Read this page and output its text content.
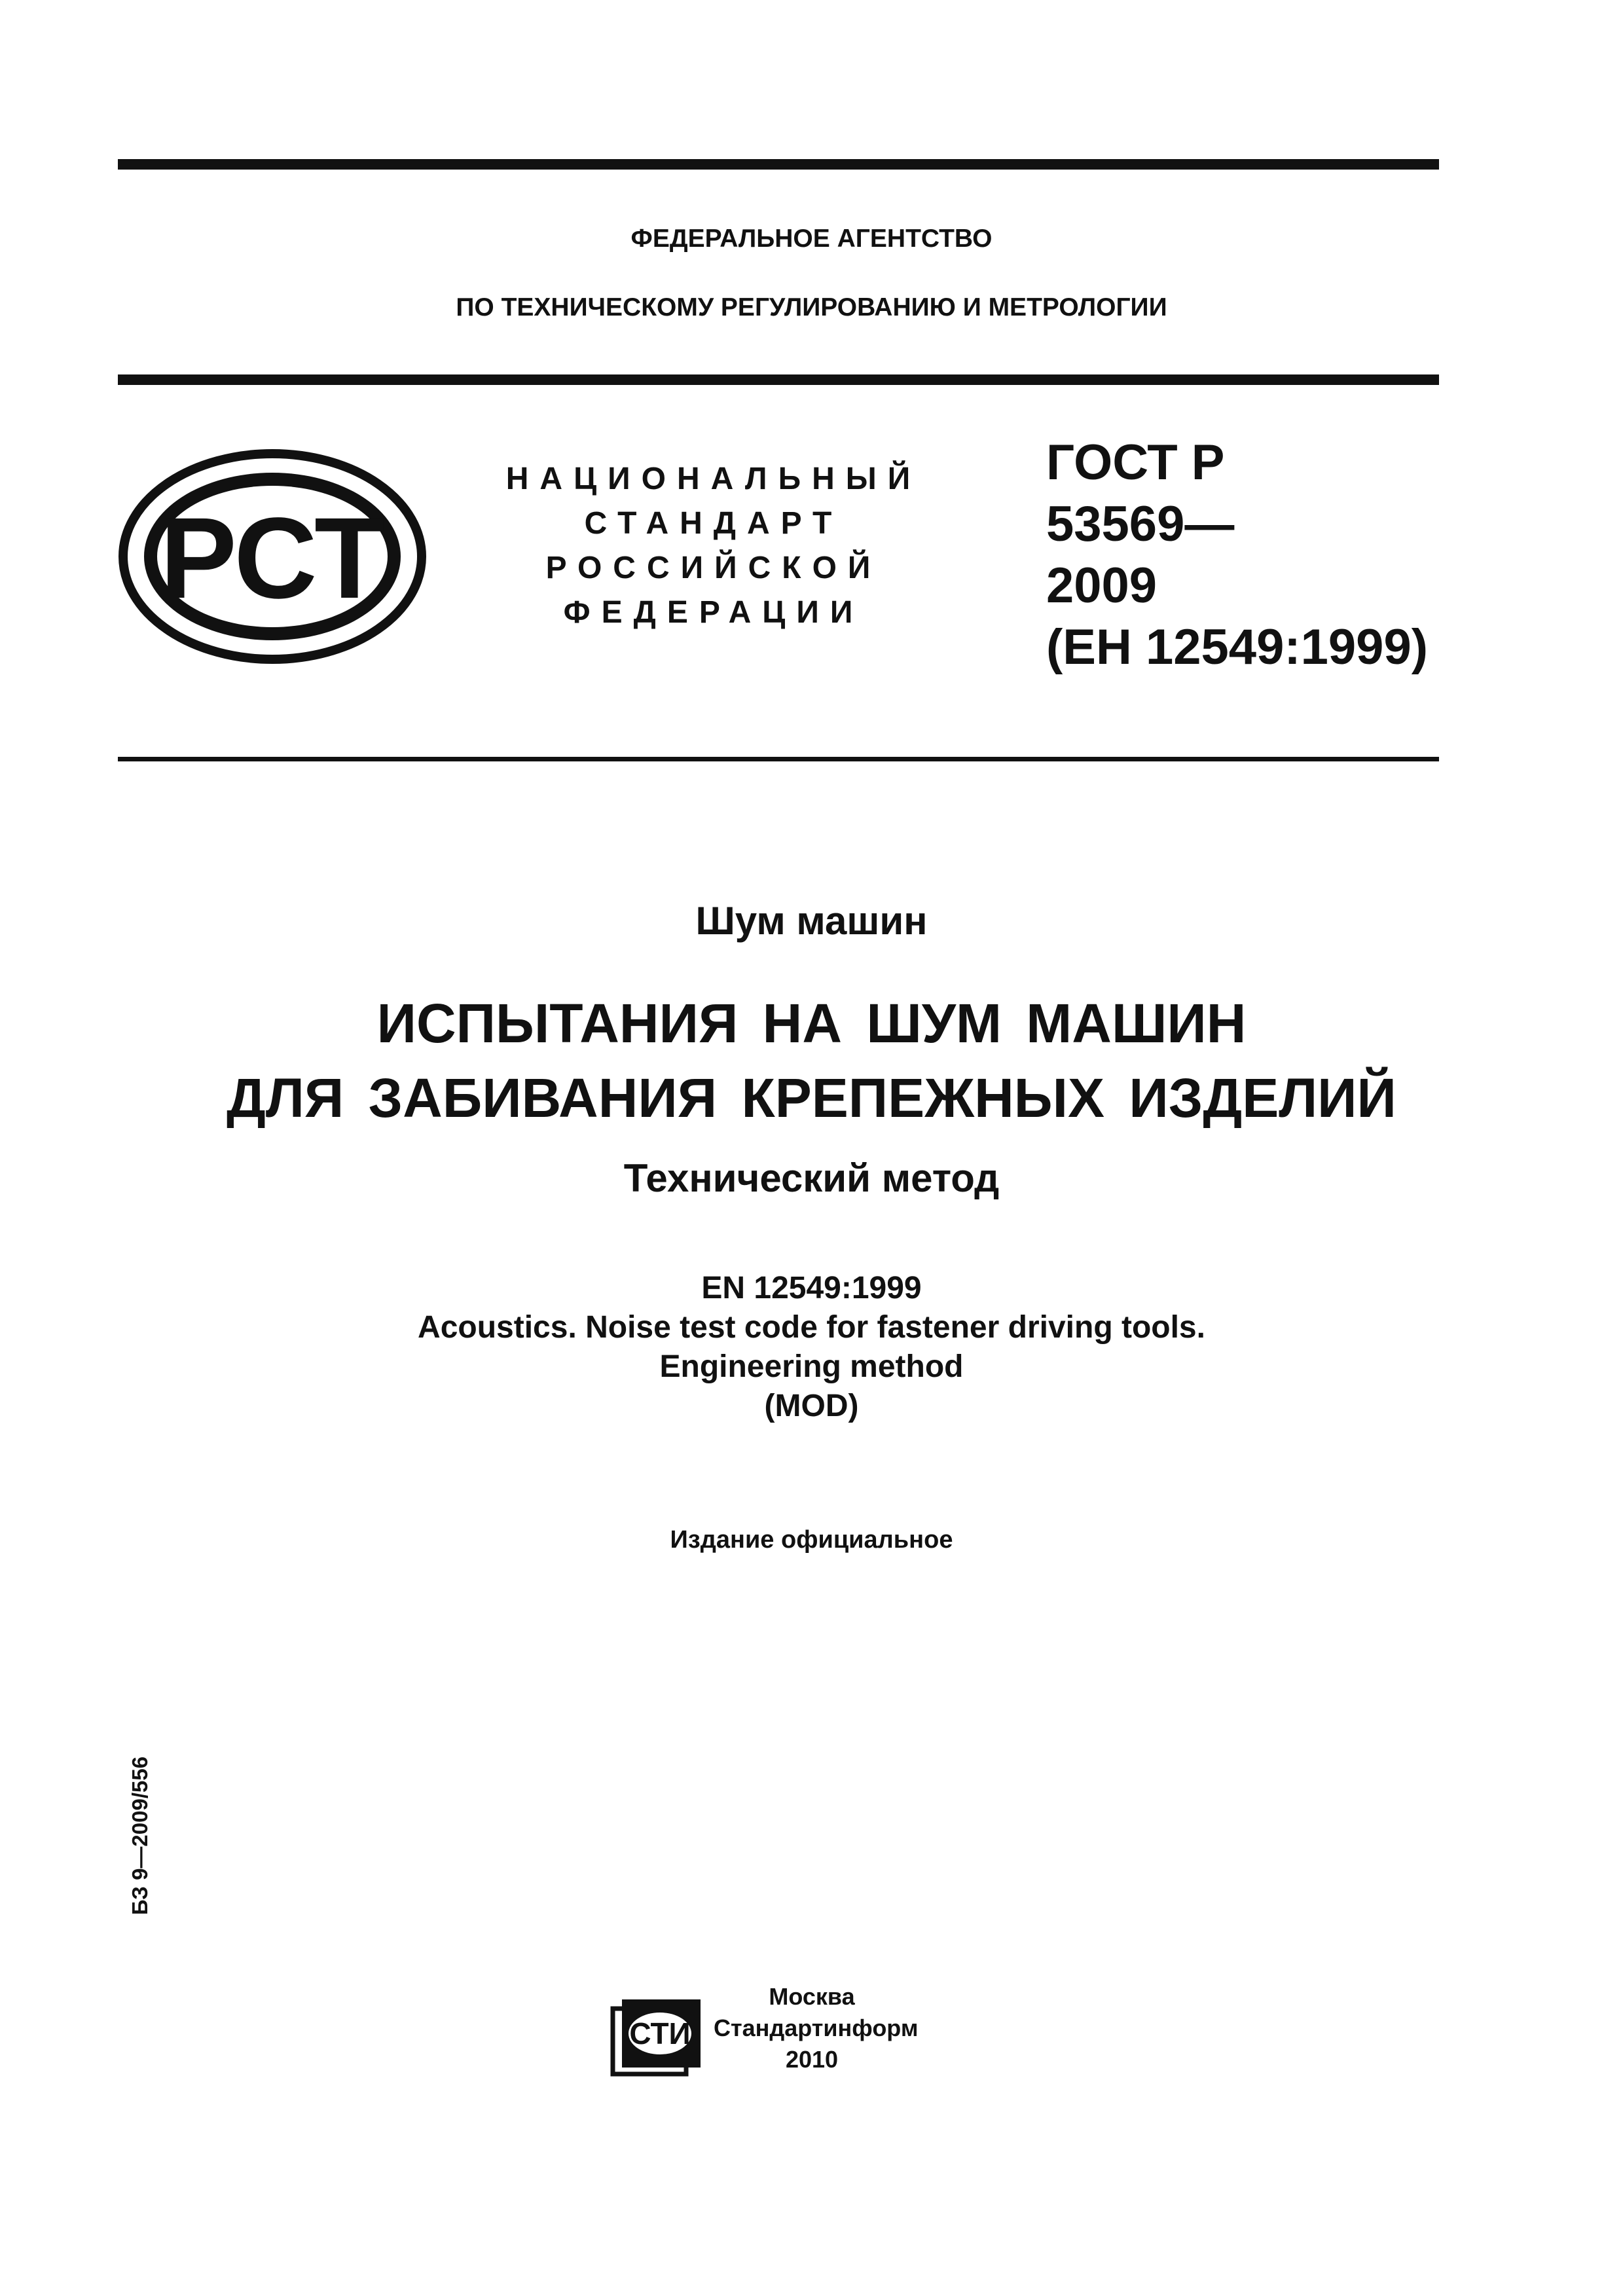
ФЕДЕРАЛЬНОЕ АГЕНТСТВО
ПО ТЕХНИЧЕСКОМУ РЕГУЛИРОВАНИЮ И МЕТРОЛОГИИ
РСТ
НАЦИОНАЛЬНЫЙ
СТАНДАРТ
РОССИЙСКОЙ
ФЕДЕРАЦИИ
ГОСТ Р
53569—
2009
(ЕН 12549:1999)
Шум машин
ИСПЫТАНИЯ НА ШУМ МАШИН
ДЛЯ ЗАБИВАНИЯ КРЕПЕЖНЫХ ИЗДЕЛИЙ
Технический метод
EN 12549:1999
Acoustics. Noise test code for fastener driving tools.
Engineering method
(MOD)
Издание официальное
БЗ 9—2009/556
СТИ
Москва
Стандартинформ
2010
